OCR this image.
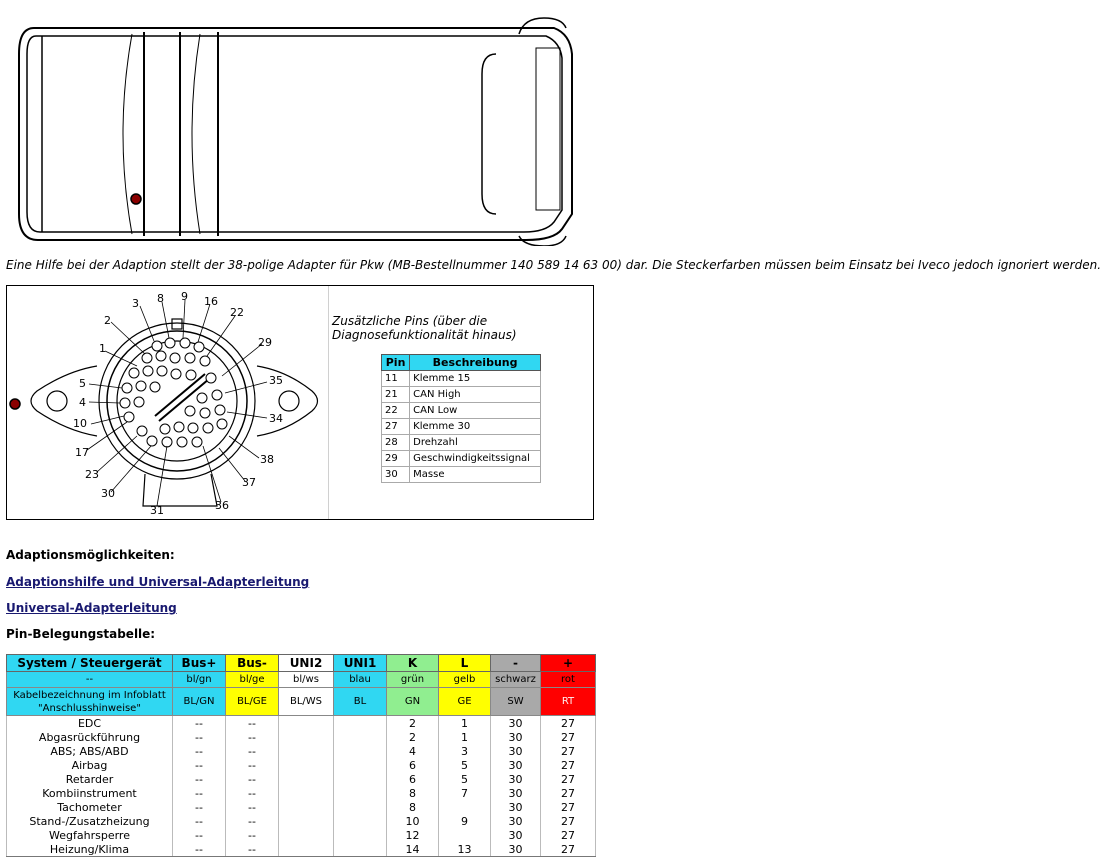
Eine Hilfe bei der Adaption stellt der 38-polige Adapter für Pkw (MB-Bestellnummer 140 589 14 63 00) dar. Die Steckerfarben müssen beim Einsatz bei Iveco jedoch ignoriert werden.
1
2
3 8 9 16
22
29
35
34
38
37
36
31
30
23
17
10
4
5
Zusätzliche Pins (über die Diagnosefunktionalität hinaus)
Pin	Beschreibung
11	Klemme 15
21	CAN High
22	CAN Low
27	Klemme 30
28	Drehzahl
29	Geschwindigkeitssignal
30	Masse
Adaptionsmöglichkeiten:
Adaptionshilfe und Universal-Adapterleitung
Universal-Adapterleitung
Pin-Belegungstabelle:
System / Steuergerät	Bus+	Bus-	UNI2	UNI1	K	L	-	+
--	bl/gn	bl/ge	bl/ws	blau	grün	gelb	schwarz	rot
Kabelbezeichnung im Infoblatt "Anschlusshinweise"	BL/GN	BL/GE	BL/WS	BL	GN	GE	SW	RT
EDC	--	--			2	1	30	27
Abgasrückführung	--	--			2	1	30	27
ABS; ABS/ABD	--	--			4	3	30	27
Airbag	--	--			6	5	30	27
Retarder	--	--			6	5	30	27
Kombiinstrument	--	--			8	7	30	27
Tachometer	--	--			8		30	27
Stand-/Zusatzheizung	--	--			10	9	30	27
Wegfahrsperre	--	--			12		30	27
Heizung/Klima	--	--			14	13	30	27
